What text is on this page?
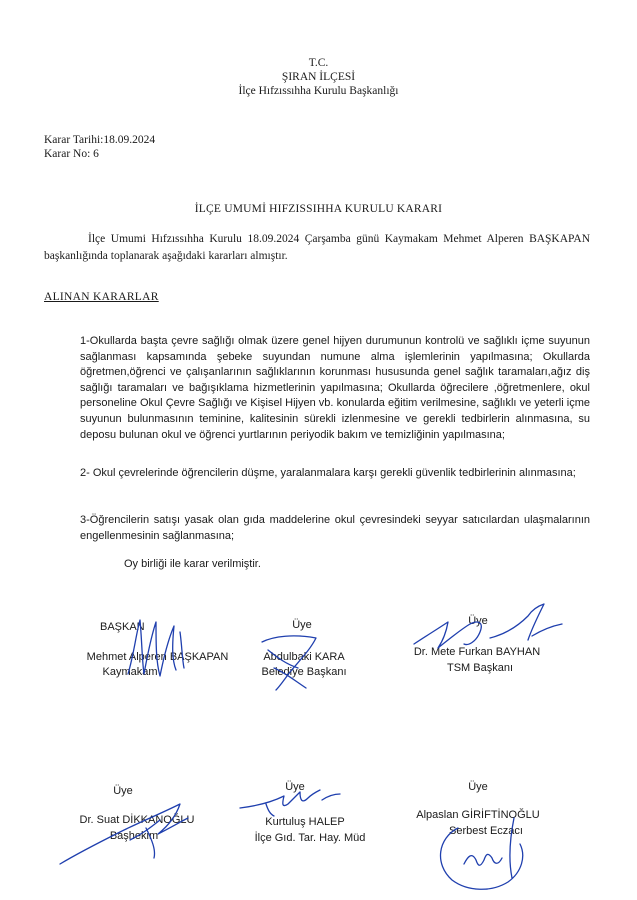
T.C.
ŞIRAN İLÇESİ
İlçe Hıfzıssıhha Kurulu Başkanlığı
Karar Tarihi:18.09.2024
Karar No: 6
İLÇE UMUMİ HIFZISSIHHA KURULU KARARI
İlçe Umumi Hıfzıssıhha Kurulu 18.09.2024 Çarşamba günü Kaymakam Mehmet Alperen BAŞKAPAN başkanlığında toplanarak aşağıdaki kararları almıştır.
ALINAN KARARLAR

1-Okullarda başta çevre sağlığı olmak üzere genel hijyen durumunun kontrolü ve sağlıklı içme suyunun sağlanması kapsamında şebeke suyundan numune alma işlemlerinin yapılmasına; Okullarda öğretmen,öğrenci ve çalışanlarının sağlıklarının korunması hususunda genel sağlık taramaları,ağız diş sağlığı taramaları ve bağışıklama hizmetlerinin yapılmasına; Okullarda öğrecilere ,öğretmenlere, okul personeline Okul Çevre Sağlığı ve Kişisel Hijyen vb. konularda eğitim verilmesine, sağlıklı ve yeterli içme suyunun bulunmasının teminine, kalitesinin sürekli izlenmesine ve gerekli tedbirlerin alınmasına, su deposu bulunan okul ve öğrenci yurtlarının periyodik bakım ve temizliğinin yapılmasına;

2- Okul çevrelerinde öğrencilerin düşme, yaralanmalara karşı gerekli güvenlik tedbirlerinin alınmasına;

3-Öğrencilerin satışı yasak olan gıda maddelerine okul çevresindeki seyyar satıcılardan ulaşmalarının engellenmesinin sağlanmasına;

Oy birliği ile karar verilmiştir.
BAŞKAN
Mehmet Alperen BAŞKAPAN
Kaymakam
Üye
Abdulbaki KARA
Belediye Başkanı
Üye
Dr. Mete Furkan BAYHAN
TSM Başkanı
Üye
Dr. Suat DİKKANOĞLU
Başhekim
Üye
Kurtuluş HALEP
İlçe Gıd. Tar. Hay. Müd
Üye
Alpaslan GİRİFTİNOĞLU
Serbest Eczacı
